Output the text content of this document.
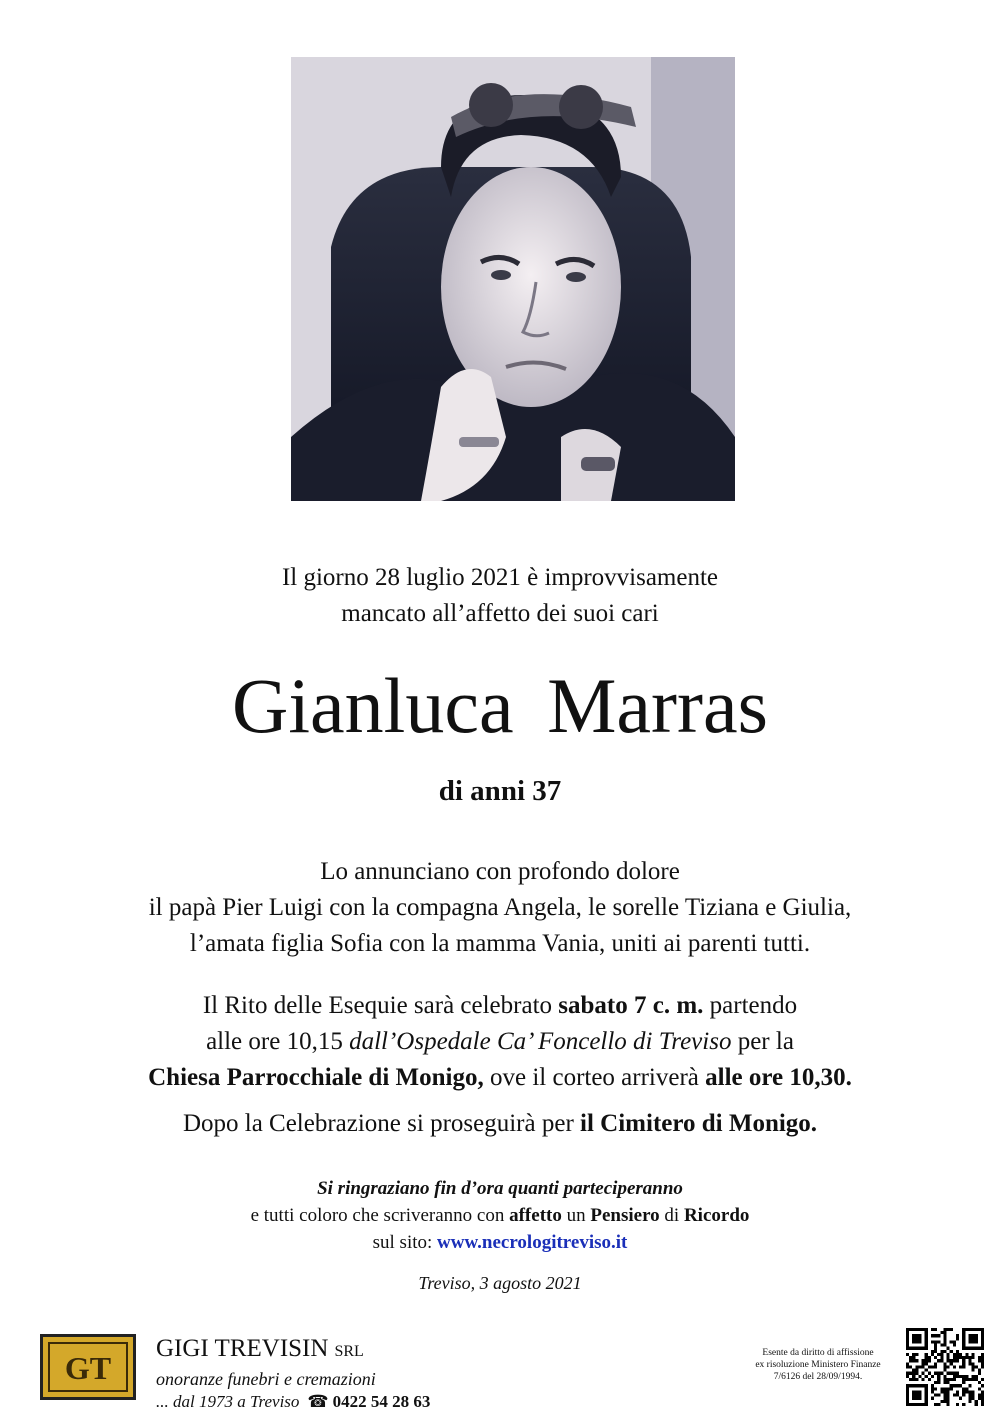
Il giorno 28 luglio 2021 è improvvisamente
mancato all’affetto dei suoi cari
Gianluca Marras
di anni 37
Lo annunciano con profondo dolore
il papà Pier Luigi con la compagna Angela, le sorelle Tiziana e Giulia,
l’amata figlia Sofia con la mamma Vania, uniti ai parenti tutti.
Il Rito delle Esequie sarà celebrato sabato 7 c. m. partendo
alle ore 10,15 dall’Ospedale Ca’ Foncello di Treviso per la
Chiesa Parrocchiale di Monigo, ove il corteo arriverà alle ore 10,30.
Dopo la Celebrazione si proseguirà per il Cimitero di Monigo.
Si ringraziano fin d’ora quanti parteciperanno
e tutti coloro che scriveranno con affetto un Pensiero di Ricordo
sul sito: www.necrologitreviso.it
Treviso, 3 agosto 2021
GT
GIGI TREVISIN SRL
onoranze funebri e cremazioni
... dal 1973 a Treviso ☎ 0422 54 28 63
Esente da diritto di affissione
ex risoluzione Ministero Finanze
7/6126 del 28/09/1994.
